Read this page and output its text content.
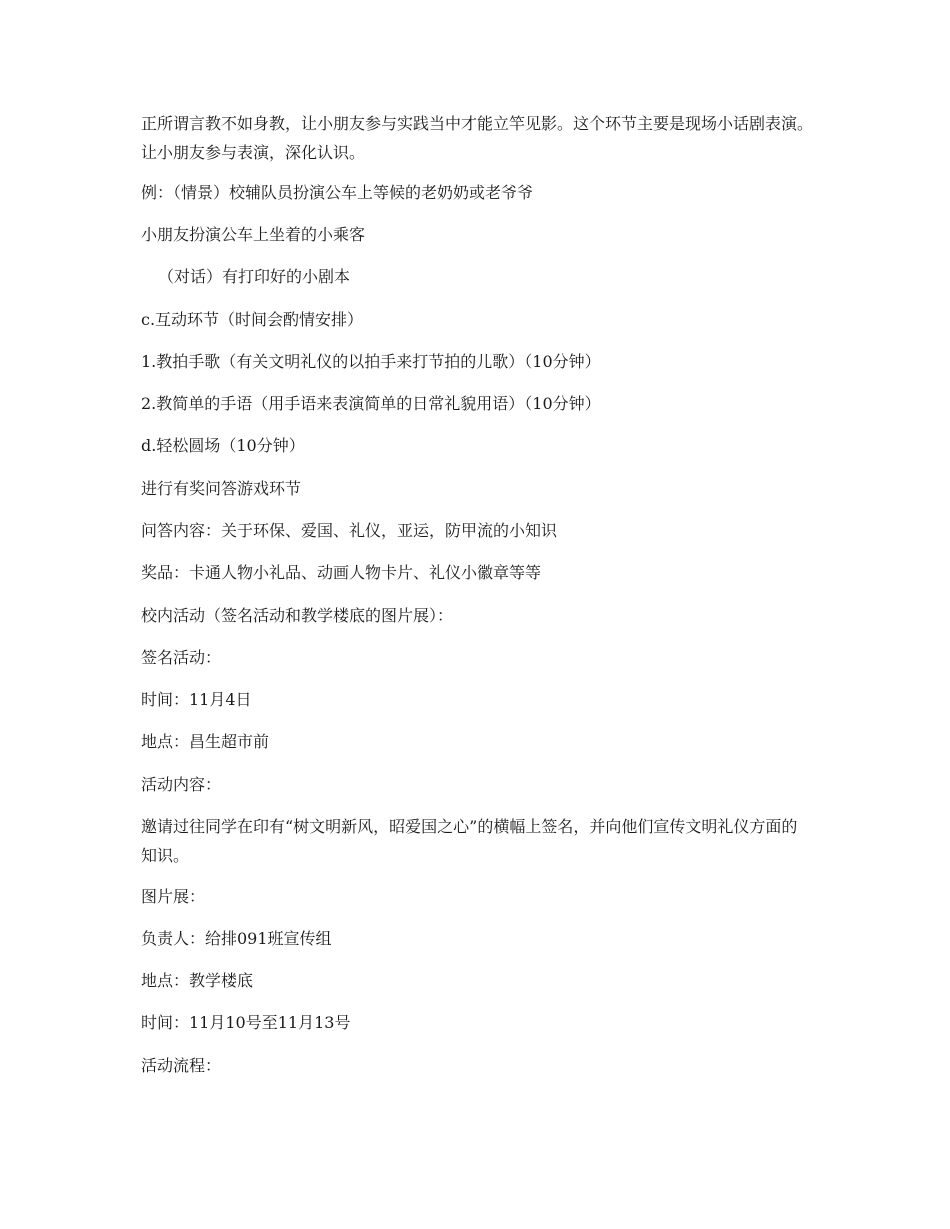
正所谓言教不如身教，让小朋友参与实践当中才能立竿见影。这个环节主要是现场小话剧表演。让小朋友参与表演，深化认识。

例：（情景）校辅队员扮演公车上等候的老奶奶或老爷爷

小朋友扮演公车上坐着的小乘客

（对话）有打印好的小剧本

c.互动环节（时间会酌情安排）

1.教拍手歌（有关文明礼仪的以拍手来打节拍的儿歌）（10分钟）

2.教简单的手语（用手语来表演简单的日常礼貌用语）（10分钟）

d.轻松圆场（10分钟）

进行有奖问答游戏环节

问答内容：关于环保、爱国、礼仪，亚运，防甲流的小知识

奖品：卡通人物小礼品、动画人物卡片、礼仪小徽章等等

校内活动（签名活动和教学楼底的图片展）：

签名活动：

时间：11月4日

地点：昌生超市前

活动内容：

邀请过往同学在印有“树文明新风，昭爱国之心”的横幅上签名，并向他们宣传文明礼仪方面的知识。

图片展：

负责人：给排091班宣传组

地点：教学楼底

时间：11月10号至11月13号

活动流程：
